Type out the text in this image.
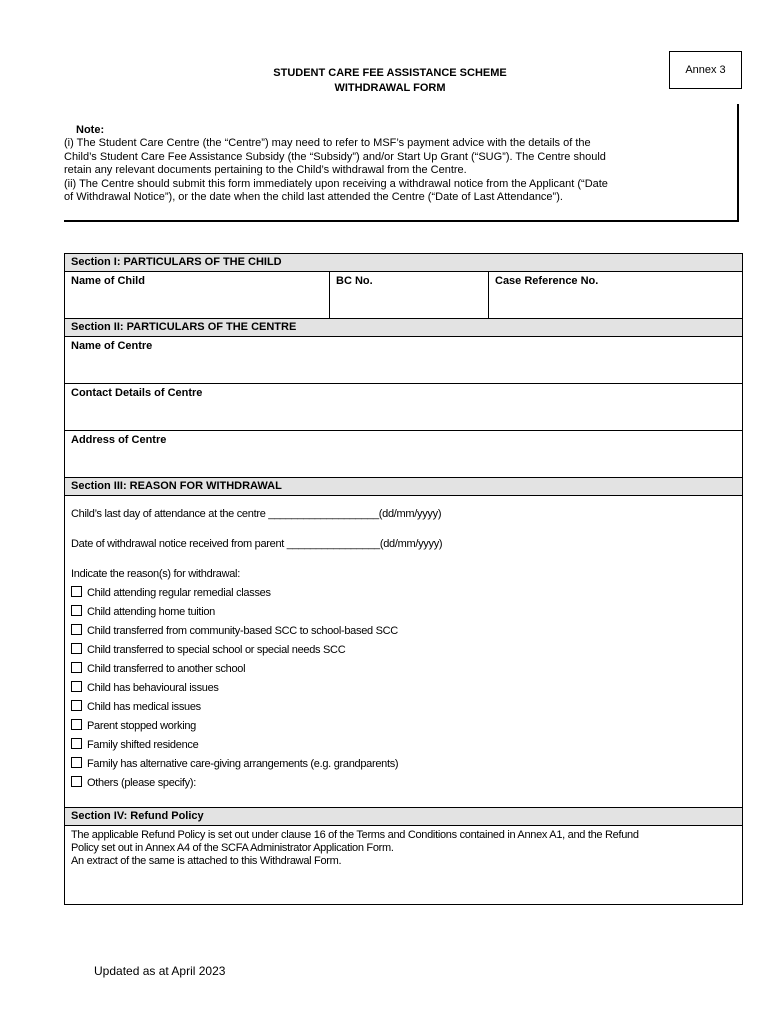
Annex 3
STUDENT CARE FEE ASSISTANCE SCHEME
WITHDRAWAL FORM
Note:
(i) The Student Care Centre (the “Centre”) may need to refer to MSF’s payment advice with the details of the
Child’s Student Care Fee Assistance Subsidy (the “Subsidy”) and/or Start Up Grant (“SUG”). The Centre should
retain any relevant documents pertaining to the Child’s withdrawal from the Centre.
(ii) The Centre should submit this form immediately upon receiving a withdrawal notice from the Applicant (“Date
of Withdrawal Notice”), or the date when the child last attended the Centre (“Date of Last Attendance”).
Section I: PARTICULARS OF THE CHILD
Name of Child	BC No.	Case Reference No.
Section II: PARTICULARS OF THE CENTRE
Name of Centre
Contact Details of Centre
Address of Centre
Section III: REASON FOR WITHDRAWAL

Child’s last day of attendance at the centre ___________________(dd/mm/yyyy)
Date of withdrawal notice received from parent ________________(dd/mm/yyyy)
Indicate the reason(s) for withdrawal:
Child attending regular remedial classes
Child attending home tuition
Child transferred from community-based SCC to school-based SCC
Child transferred to special school or special needs SCC
Child transferred to another school
Child has behavioural issues
Child has medical issues
Parent stopped working
Family shifted residence
Family has alternative care-giving arrangements (e.g. grandparents)
Others (please specify):

Section IV: Refund Policy

The applicable Refund Policy is set out under clause 16 of the Terms and Conditions contained in Annex A1, and the Refund
Policy set out in Annex A4 of the SCFA Administrator Application Form.
An extract of the same is attached to this Withdrawal Form.
Updated as at April 2023
